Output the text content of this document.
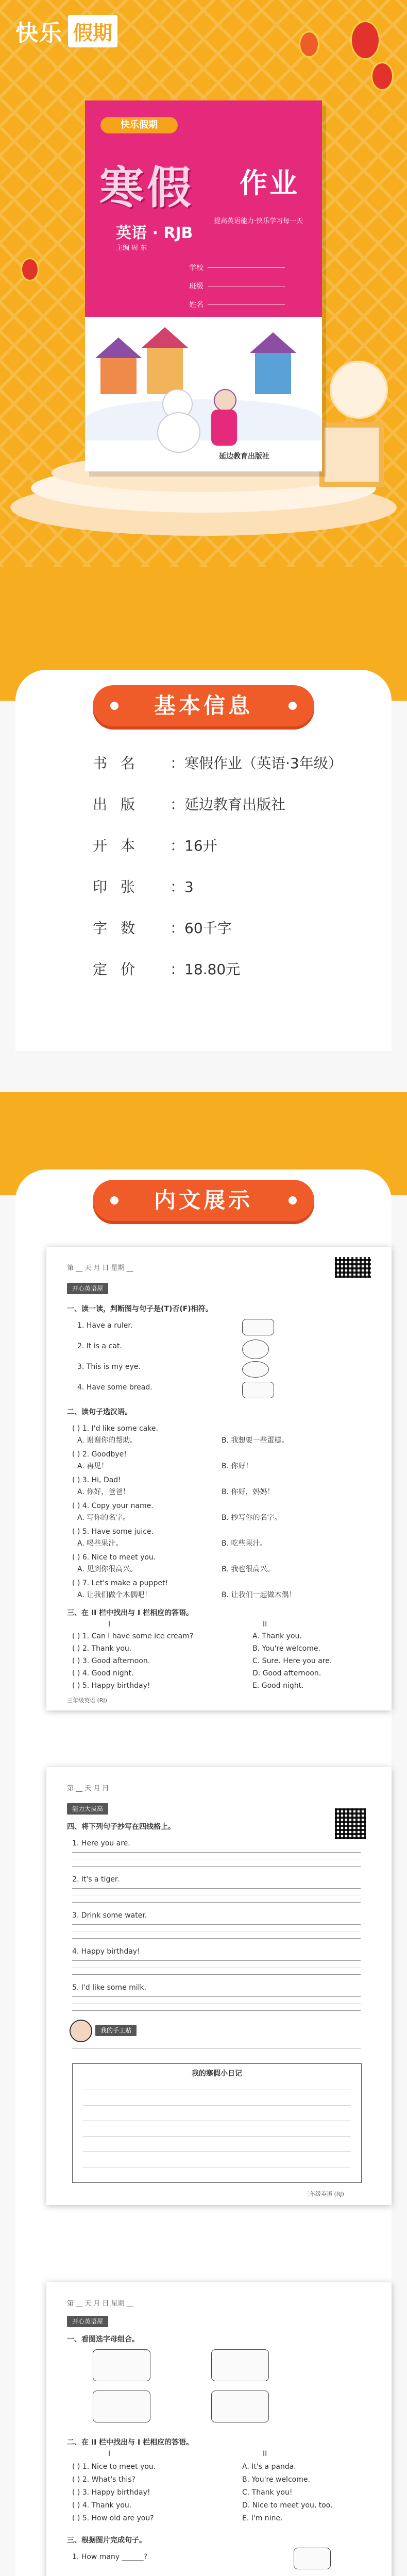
快乐 假期
快乐假期
寒假 作业
英语 · RJB
提高英语能力·快乐学习每一天
主编 周 东
学校
班级
姓名
延边教育出版社
基本信息
书名	：寒假作业（英语·3年级）
出版	：延边教育出版社
开本	：16开
印张	：3
字数	：60千字
定价	：18.80元
内文展示
第 __ 天 月 日 星期 __
开心英语屋
一、读一读，判断图与句子是(T)否(F)相符。
1. Have a ruler.
2. It is a cat.
3. This is my eye.
4. Have some bread.
二、读句子选汉语。
( ) 1. I'd like some cake.
A. 谢谢你的帮助。	B. 我想要一些蛋糕。
( ) 2. Goodbye!
A. 再见！	B. 你好！
( ) 3. Hi, Dad!
A. 你好，爸爸！	B. 你好，妈妈！
( ) 4. Copy your name.
A. 写你的名字。	B. 抄写你的名字。
( ) 5. Have some juice.
A. 喝些果汁。	B. 吃些果汁。
( ) 6. Nice to meet you.
A. 见到你很高兴。	B. 我也很高兴。
( ) 7. Let's make a puppet!
A. 让我们做个木偶吧！	B. 让我们一起做木偶！
三、在 II 栏中找出与 I 栏相应的答语。
I	II
( ) 1. Can I have some ice cream?	A. Thank you.
( ) 2. Thank you.	B. You're welcome.
( ) 3. Good afternoon.	C. Sure. Here you are.
( ) 4. Good night.	D. Good afternoon.
( ) 5. Happy birthday!	E. Good night.
三年级英语 (RJ)
第 __ 天 月 日
能力大拔高
四、将下列句子抄写在四线格上。
1. Here you are.
2. It's a tiger.
3. Drink some water.
4. Happy birthday!
5. I'd like some milk.
我的手工贴
我的寒假小日记
三年级英语 (RJ)
第 __ 天 月 日 星期 __
开心英语屋
一、看图选字母组合。
二、在 II 栏中找出与 I 栏相应的答语。
I	II
( ) 1. Nice to meet you.	A. It's a panda.
( ) 2. What's this?	B. You're welcome.
( ) 3. Happy birthday!	C. Thank you!
( ) 4. Thank you.	D. Nice to meet you, too.
( ) 5. How old are you?	E. I'm nine.
三、根据图片完成句子。
1. How many ______?
